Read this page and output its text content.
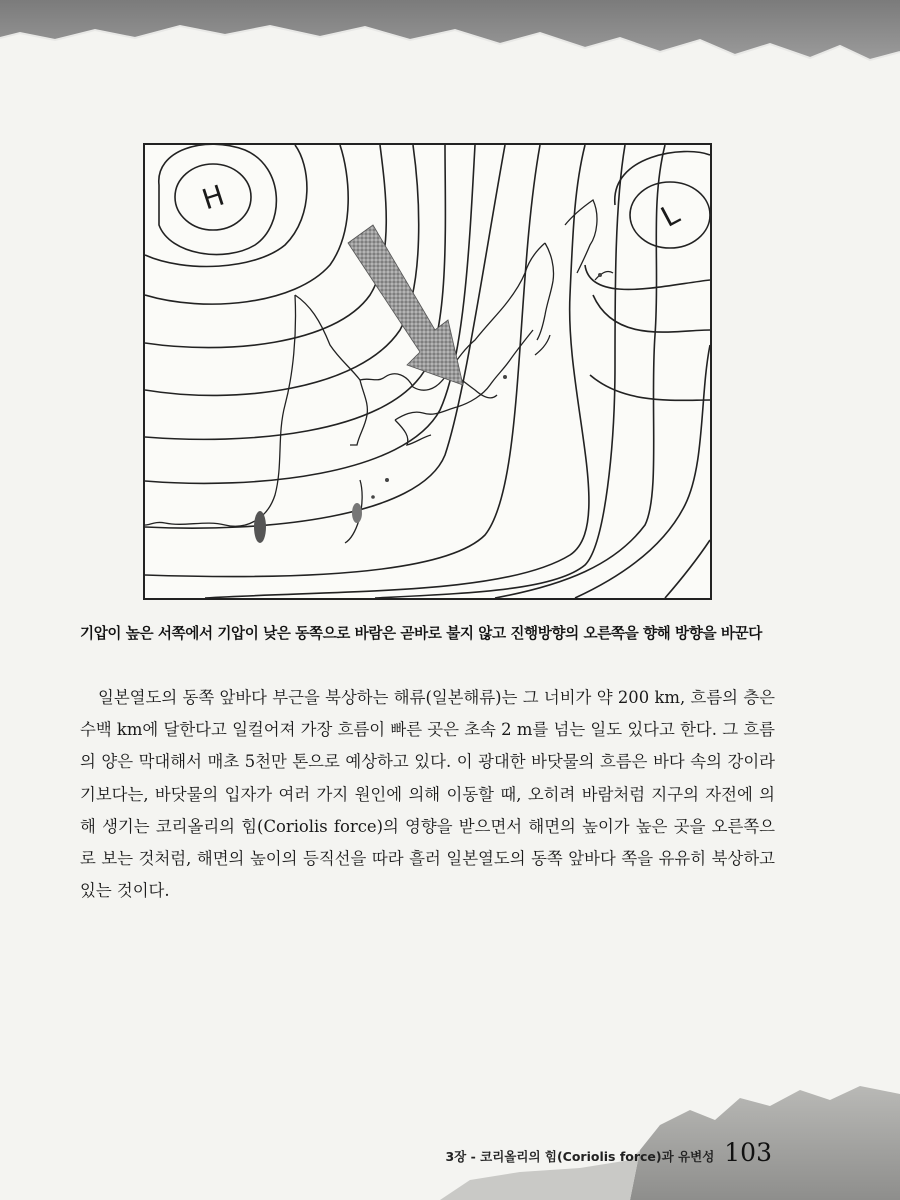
H	L
기압이 높은 서쪽에서 기압이 낮은 동쪽으로 바람은 곧바로 불지 않고 진행방향의 오른쪽을 향해 방향을 바꾼다

일본열도의 동쪽 앞바다 부근을 북상하는 해류(일본해류)는 그 너비가 약 200 km, 흐름의 층은 수백 km에 달한다고 일컬어져 가장 흐름이 빠른 곳은 초속 2 m를 넘는 일도 있다고 한다. 그 흐름의 양은 막대해서 매초 5천만 톤으로 예상하고 있다. 이 광대한 바닷물의 흐름은 바다 속의 강이라기보다는, 바닷물의 입자가 여러 가지 원인에 의해 이동할 때, 오히려 바람처럼 지구의 자전에 의해 생기는 코리올리의 힘(Coriolis force)의 영향을 받으면서 해면의 높이가 높은 곳을 오른쪽으로 보는 것처럼, 해면의 높이의 등직선을 따라 흘러 일본열도의 동쪽 앞바다 쪽을 유유히 북상하고 있는 것이다.

3장 - 코리올리의 힘(Coriolis force)과 유변성 103
